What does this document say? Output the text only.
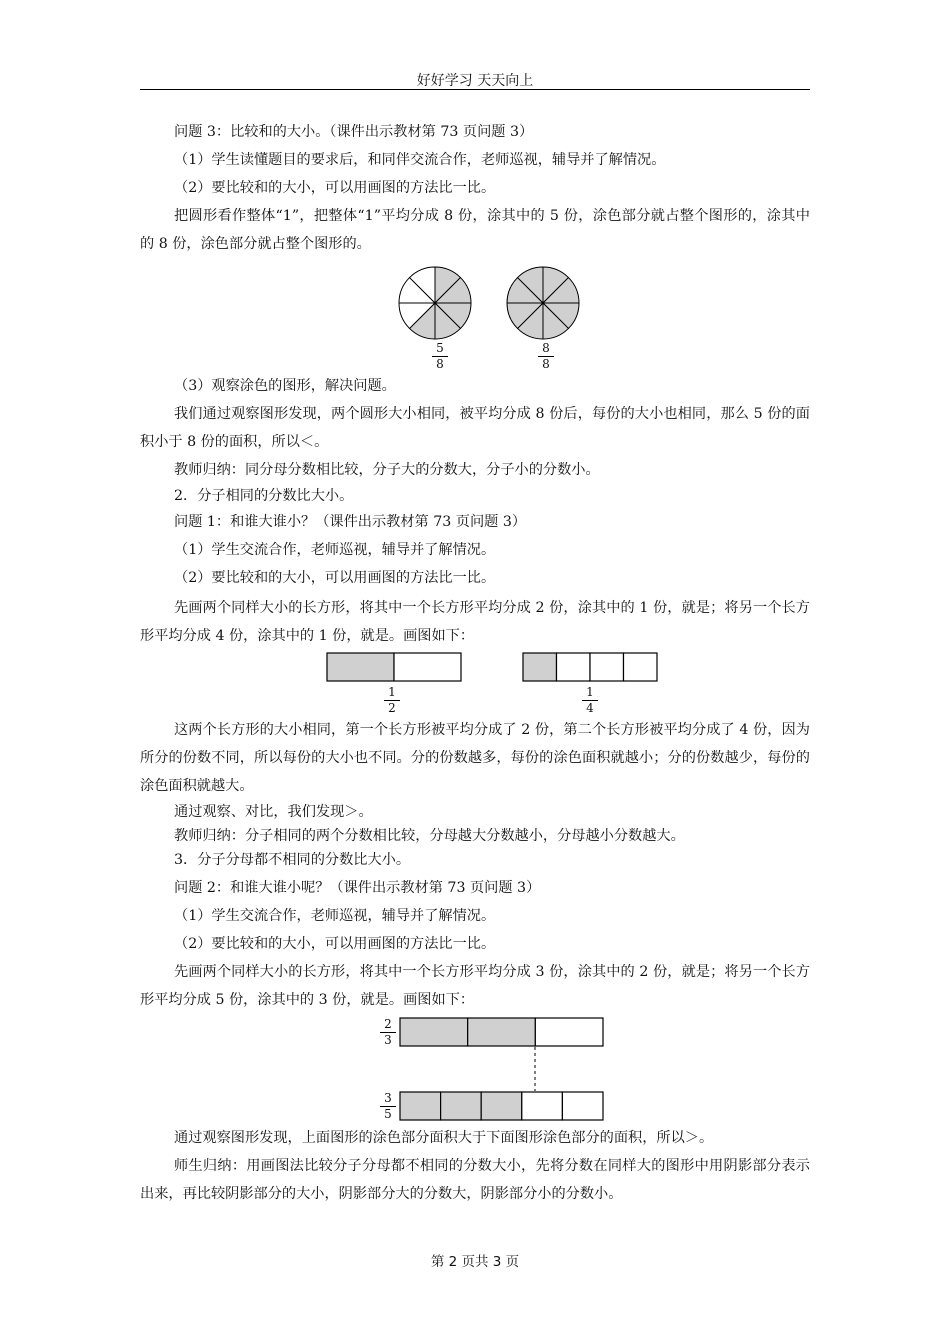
好好学习 天天向上
问题 3：比较和的大小。（课件出示教材第 73 页问题 3）
（1）学生读懂题目的要求后，和同伴交流合作，老师巡视，辅导并了解情况。
（2）要比较和的大小，可以用画图的方法比一比。
把圆形看作整体“1”，把整体“1”平均分成 8 份，涂其中的 5 份，涂色部分就占整个图形的，涂其中的 8 份，涂色部分就占整个图形的。
5
8
8
8
（3）观察涂色的图形，解决问题。
我们通过观察图形发现，两个圆形大小相同，被平均分成 8 份后，每份的大小也相同，那么 5 份的面积小于 8 份的面积，所以＜。
教师归纳：同分母分数相比较，分子大的分数大，分子小的分数小。
2．分子相同的分数比大小。
问题 1：和谁大谁小？（课件出示教材第 73 页问题 3）
（1）学生交流合作，老师巡视，辅导并了解情况。
（2）要比较和的大小，可以用画图的方法比一比。
先画两个同样大小的长方形，将其中一个长方形平均分成 2 份，涂其中的 1 份，就是；将另一个长方形平均分成 4 份，涂其中的 1 份，就是。画图如下：
1
2
1
4
这两个长方形的大小相同，第一个长方形被平均分成了 2 份，第二个长方形被平均分成了 4 份，因为所分的份数不同，所以每份的大小也不同。分的份数越多，每份的涂色面积就越小；分的份数越少，每份的涂色面积就越大。
通过观察、对比，我们发现＞。
教师归纳：分子相同的两个分数相比较，分母越大分数越小，分母越小分数越大。
3．分子分母都不相同的分数比大小。
问题 2：和谁大谁小呢？（课件出示教材第 73 页问题 3）
（1）学生交流合作，老师巡视，辅导并了解情况。
（2）要比较和的大小，可以用画图的方法比一比。
先画两个同样大小的长方形，将其中一个长方形平均分成 3 份，涂其中的 2 份，就是；将另一个长方形平均分成 5 份，涂其中的 3 份，就是。画图如下：
2
3
3
5
通过观察图形发现，上面图形的涂色部分面积大于下面图形涂色部分的面积，所以＞。
师生归纳：用画图法比较分子分母都不相同的分数大小，先将分数在同样大的图形中用阴影部分表示出来，再比较阴影部分的大小，阴影部分大的分数大，阴影部分小的分数小。
第 2 页共 3 页
